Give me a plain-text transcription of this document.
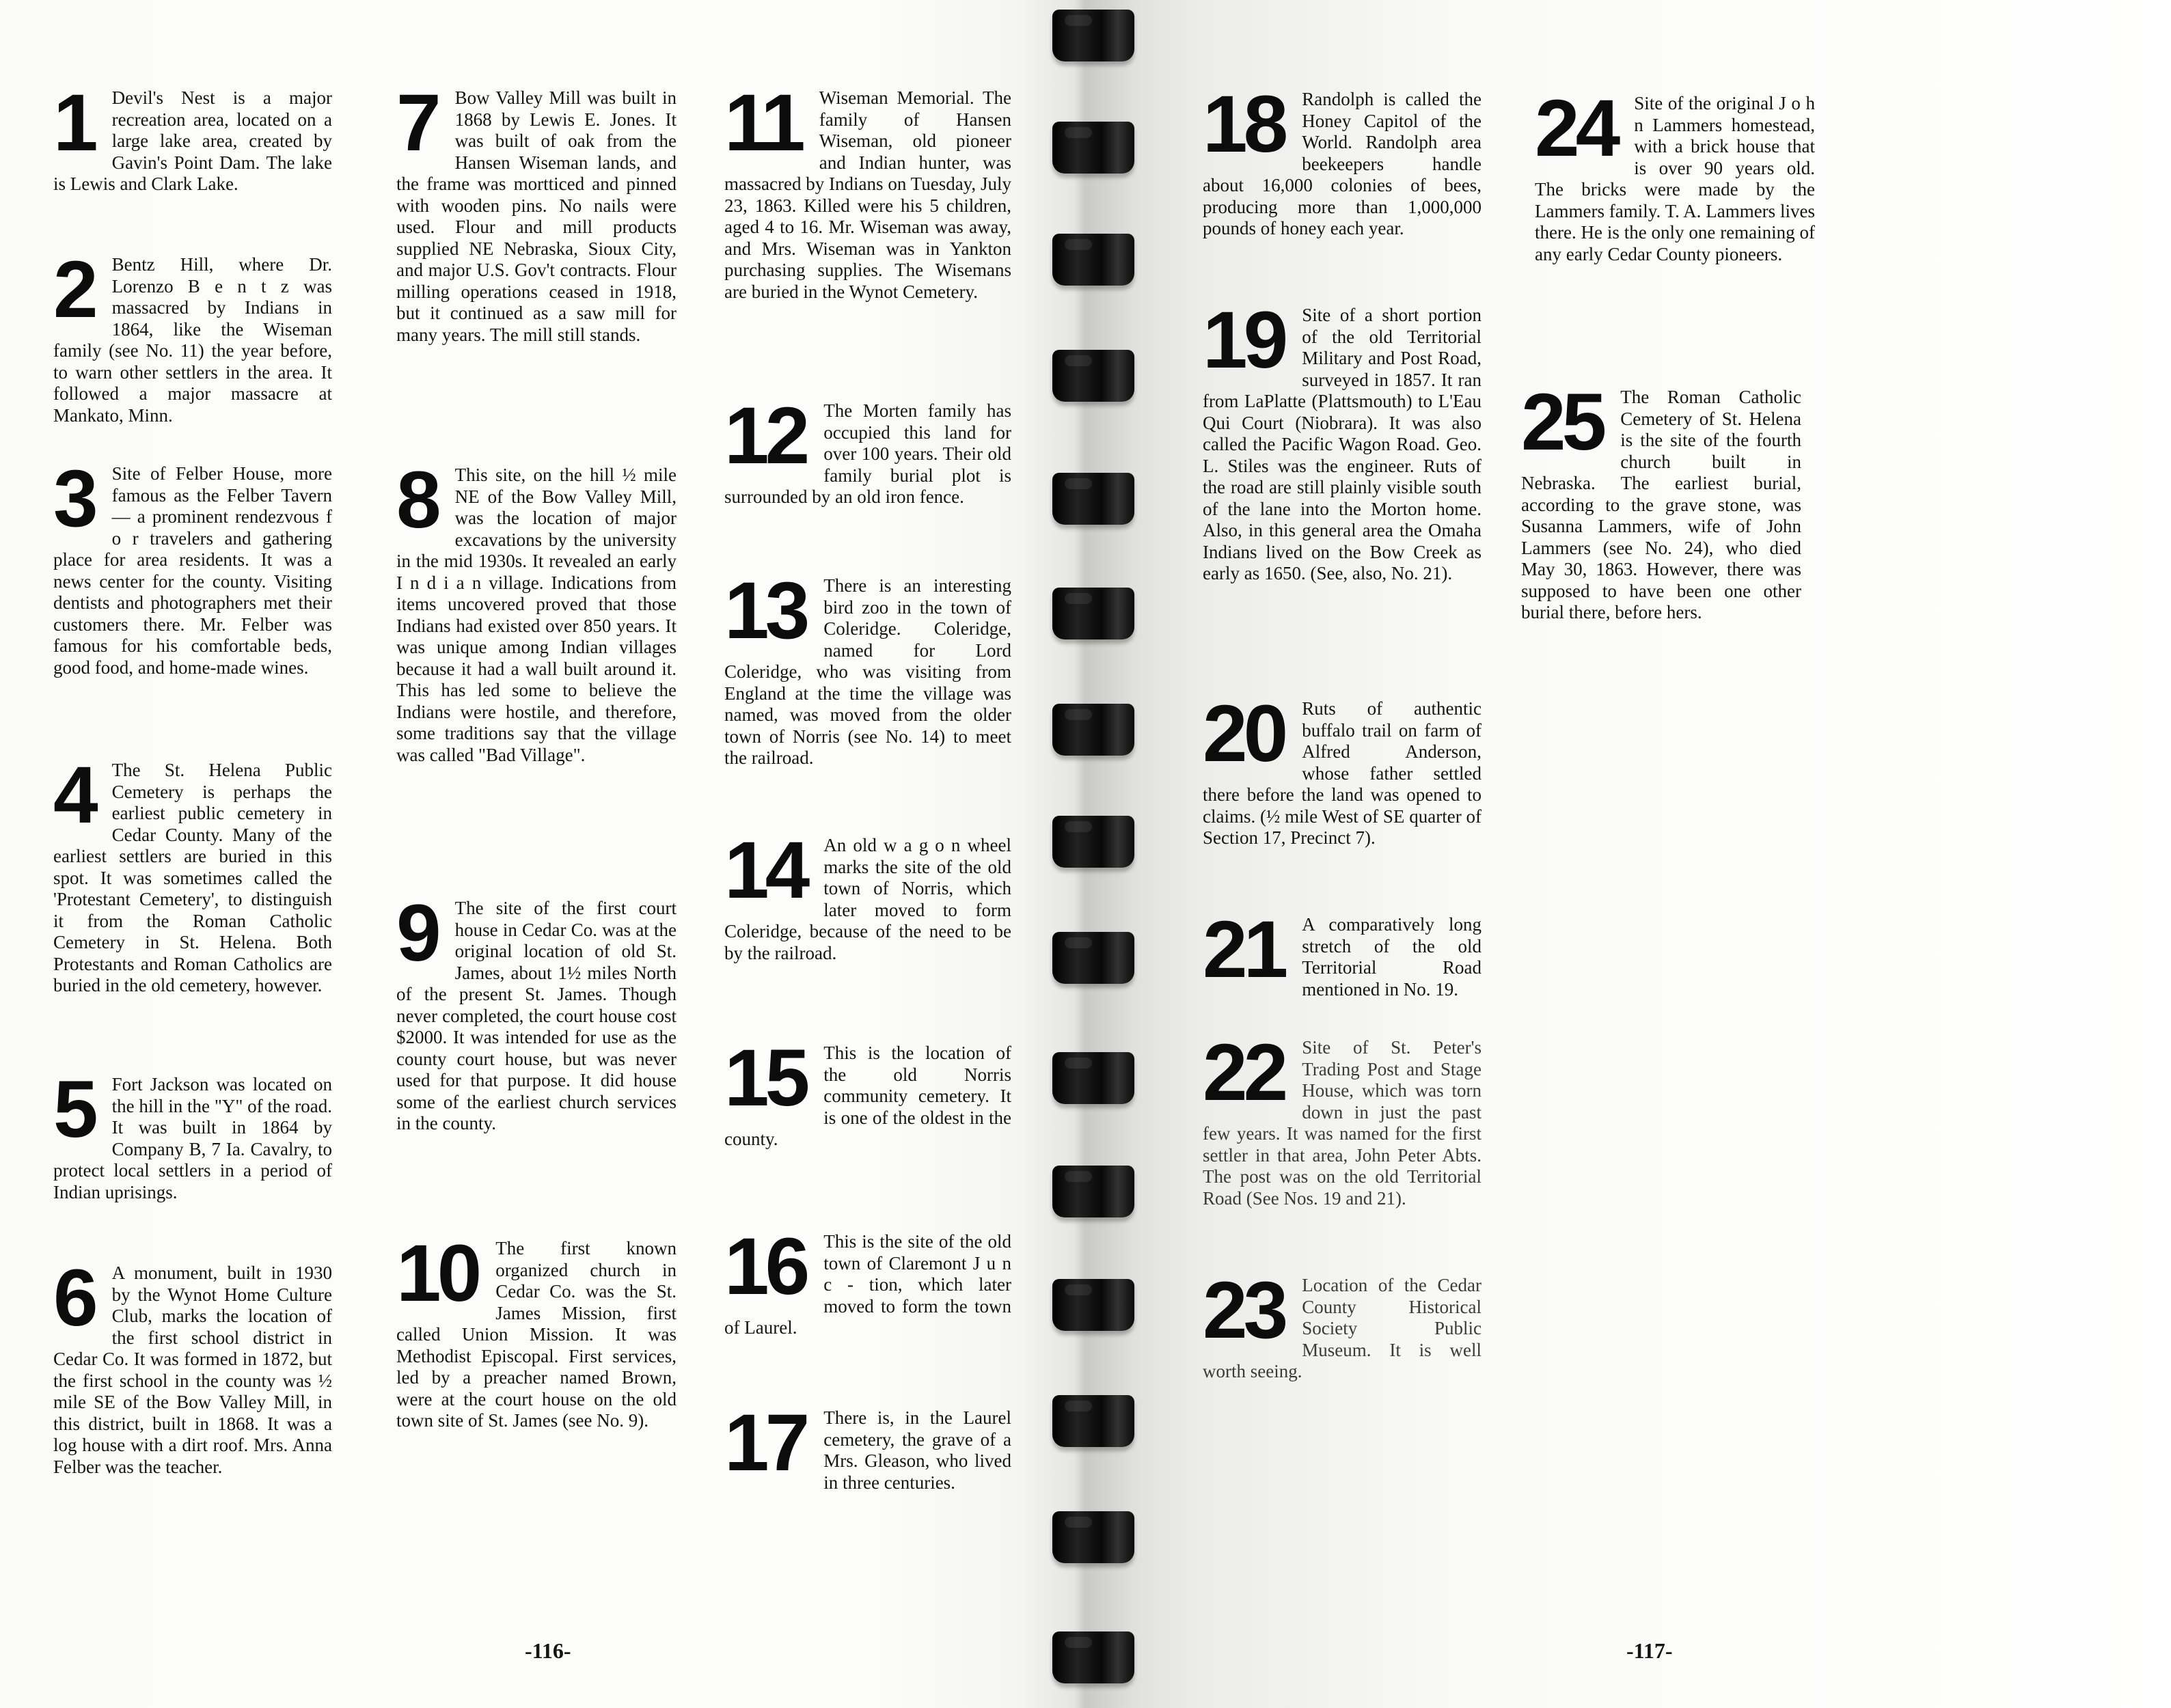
1 Devil's Nest is a major recreation area, located on a large lake area, created by Gavin's Point Dam. The lake is Lewis and Clark Lake.
2 Bentz Hill, where Dr. Lorenzo B e n t z was massacred by Indians in 1864, like the Wiseman family (see No. 11) the year before, to warn other settlers in the area. It followed a major massacre at Mankato, Minn.
3 Site of Felber House, more famous as the Felber Tavern — a prominent rendezvous f o r travelers and gathering place for area residents. It was a news center for the county. Visiting dentists and photographers met their customers there. Mr. Felber was famous for his comfortable beds, good food, and home-made wines.
4 The St. Helena Public Cemetery is perhaps the earliest public cemetery in Cedar County. Many of the earliest settlers are buried in this spot. It was sometimes called the 'Protestant Cemetery', to distinguish it from the Roman Catholic Cemetery in St. Helena. Both Protestants and Roman Catholics are buried in the old cemetery, however.
5 Fort Jackson was located on the hill in the "Y" of the road. It was built in 1864 by Company B, 7 Ia. Cavalry, to protect local settlers in a period of Indian uprisings.
6 A monument, built in 1930 by the Wynot Home Culture Club, marks the location of the first school district in Cedar Co. It was formed in 1872, but the first school in the county was ½ mile SE of the Bow Valley Mill, in this district, built in 1868. It was a log house with a dirt roof. Mrs. Anna Felber was the teacher.
7 Bow Valley Mill was built in 1868 by Lewis E. Jones. It was built of oak from the Hansen Wiseman lands, and the frame was mortticed and pinned with wooden pins. No nails were used. Flour and mill products supplied NE Nebraska, Sioux City, and major U.S. Gov't contracts. Flour milling operations ceased in 1918, but it continued as a saw mill for many years. The mill still stands.
8 This site, on the hill ½ mile NE of the Bow Valley Mill, was the location of major excavations by the university in the mid 1930s. It revealed an early I n d i a n village. Indications from items uncovered proved that those Indians had existed over 850 years. It was unique among Indian villages because it had a wall built around it. This has led some to believe the Indians were hostile, and therefore, some traditions say that the village was called "Bad Village".
9 The site of the first court house in Cedar Co. was at the original location of old St. James, about 1½ miles North of the present St. James. Though never completed, the court house cost $2000. It was intended for use as the county court house, but was never used for that purpose. It did house some of the earliest church services in the county.
10 The first known organized church in Cedar Co. was the St. James Mission, first called Union Mission. It was Methodist Episcopal. First services, led by a preacher named Brown, were at the court house on the old town site of St. James (see No. 9).
11 Wiseman Memorial. The family of Hansen Wiseman, old pioneer and Indian hunter, was massacred by Indians on Tuesday, July 23, 1863. Killed were his 5 children, aged 4 to 16. Mr. Wiseman was away, and Mrs. Wiseman was in Yankton purchasing supplies. The Wisemans are buried in the Wynot Cemetery.
12 The Morten family has occupied this land for over 100 years. Their old family burial plot is surrounded by an old iron fence.
13 There is an interesting bird zoo in the town of Coleridge. Coleridge, named for Lord Coleridge, who was visiting from England at the time the village was named, was moved from the older town of Norris (see No. 14) to meet the railroad.
14 An old w a g o n wheel marks the site of the old town of Norris, which later moved to form Coleridge, because of the need to be by the railroad.
15 This is the location of the old Norris community cemetery. It is one of the oldest in the county.
16 This is the site of the old town of Claremont J u n c - tion, which later moved to form the town of Laurel.
17 There is, in the Laurel cemetery, the grave of a Mrs. Gleason, who lived in three centuries.
-116-
18 Randolph is called the Honey Capitol of the World. Randolph area beekeepers handle about 16,000 colonies of bees, producing more than 1,000,000 pounds of honey each year.
19 Site of a short portion of the old Territorial Military and Post Road, surveyed in 1857. It ran from LaPlatte (Plattsmouth) to L'Eau Qui Court (Niobrara). It was also called the Pacific Wagon Road. Geo. L. Stiles was the engineer. Ruts of the road are still plainly visible south of the lane into the Morton home. Also, in this general area the Omaha Indians lived on the Bow Creek as early as 1650. (See, also, No. 21).
20 Ruts of authentic buffalo trail on farm of Alfred Anderson, whose father settled there before the land was opened to claims. (½ mile West of SE quarter of Section 17, Precinct 7).
21 A comparatively long stretch of the old Territorial Road mentioned in No. 19.
22 Site of St. Peter's Trading Post and Stage House, which was torn down in just the past few years. It was named for the first settler in that area, John Peter Abts. The post was on the old Territorial Road (See Nos. 19 and 21).
23 Location of the Cedar County Historical Society Public Museum. It is well worth seeing.
24 Site of the original J o h n Lammers homestead, with a brick house that is over 90 years old. The bricks were made by the Lammers family. T. A. Lammers lives there. He is the only one remaining of any early Cedar County pioneers.
25 The Roman Catholic Cemetery of St. Helena is the site of the fourth church built in Nebraska. The earliest burial, according to the grave stone, was Susanna Lammers, wife of John Lammers (see No. 24), who died May 30, 1863. However, there was supposed to have been one other burial there, before hers.
-117-
